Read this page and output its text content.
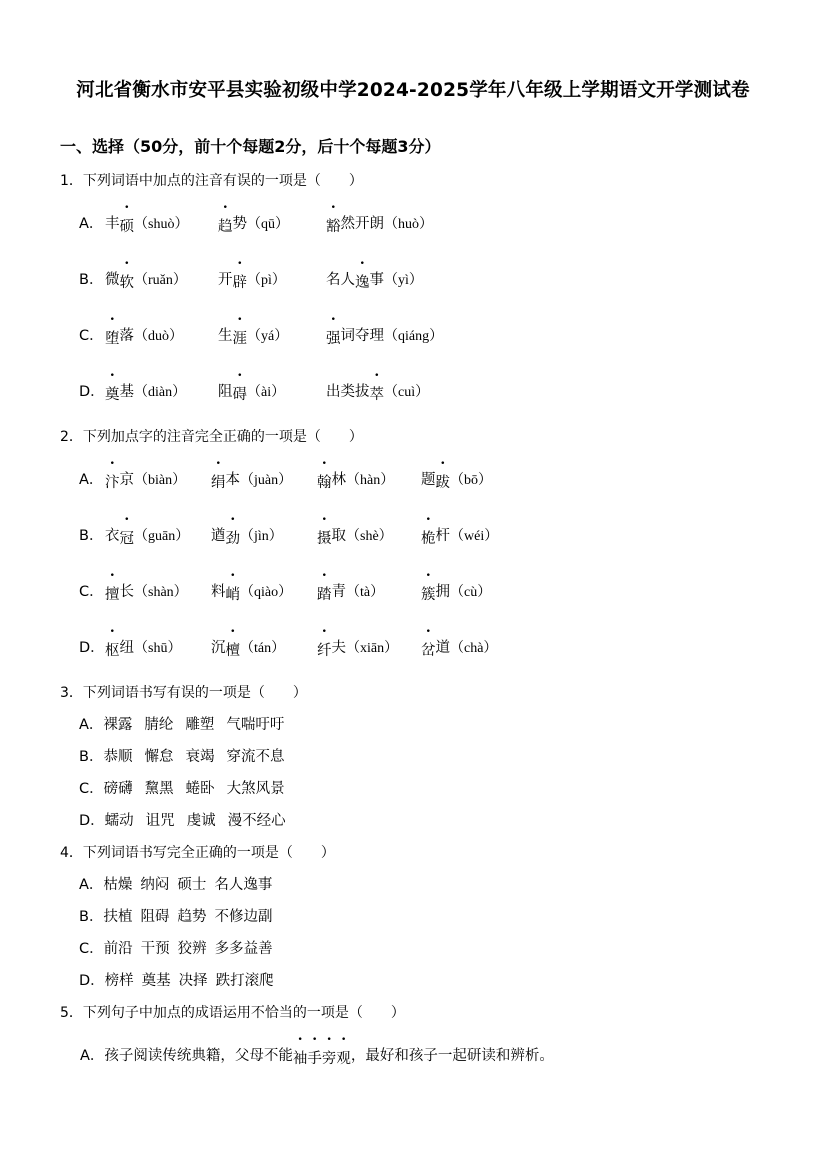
河北省衡水市安平县实验初级中学2024-2025学年八年级上学期语文开学测试卷
一、选择（50分，前十个每题2分，后十个每题3分）
1．下列词语中加点的注音有误的一项是（　　）
A． 丰硕（shuò） 趋势（qū）	豁然开朗（huò）
B． 微软（ruǎn） 开辟（pì）	名人逸事（yì）
C． 堕落（duò） 生涯（yá）	强词夺理（qiáng）
D． 奠基（diàn） 阻碍（ài）	出类拔萃（cuì）
2．下列加点字的注音完全正确的一项是（　　）
A． 汴京（biàn） 绢本（juàn） 翰林（hàn） 题跋（bō）
B． 衣冠（guān） 遒劲（jìn） 摄取（shè） 桅杆（wéi）
C． 擅长（shàn） 料峭（qiào） 踏青（tà）	簇拥（cù）
D． 枢纽（shū） 沉檀（tán） 纤夫（xiān） 岔道（chà）
3．下列词语书写有误的一项是（　　）
A．裸露 腈纶 雕塑 气喘吁吁
B．恭顺 懈怠 衰竭 穿流不息
C．磅礴 黧黑 蜷卧 大煞风景
D．蠕动 诅咒 虔诚 漫不经心
4．下列词语书写完全正确的一项是（　　）
A．枯燥 纳闷 硕士 名人逸事
B．扶植 阻碍 趋势 不修边副
C．前沿 干预 狡辨 多多益善
D．榜样 奠基 决择 跌打滚爬
5．下列句子中加点的成语运用不恰当的一项是（　　）
A．孩子阅读传统典籍，父母不能袖手旁观，最好和孩子一起研读和辨析。
